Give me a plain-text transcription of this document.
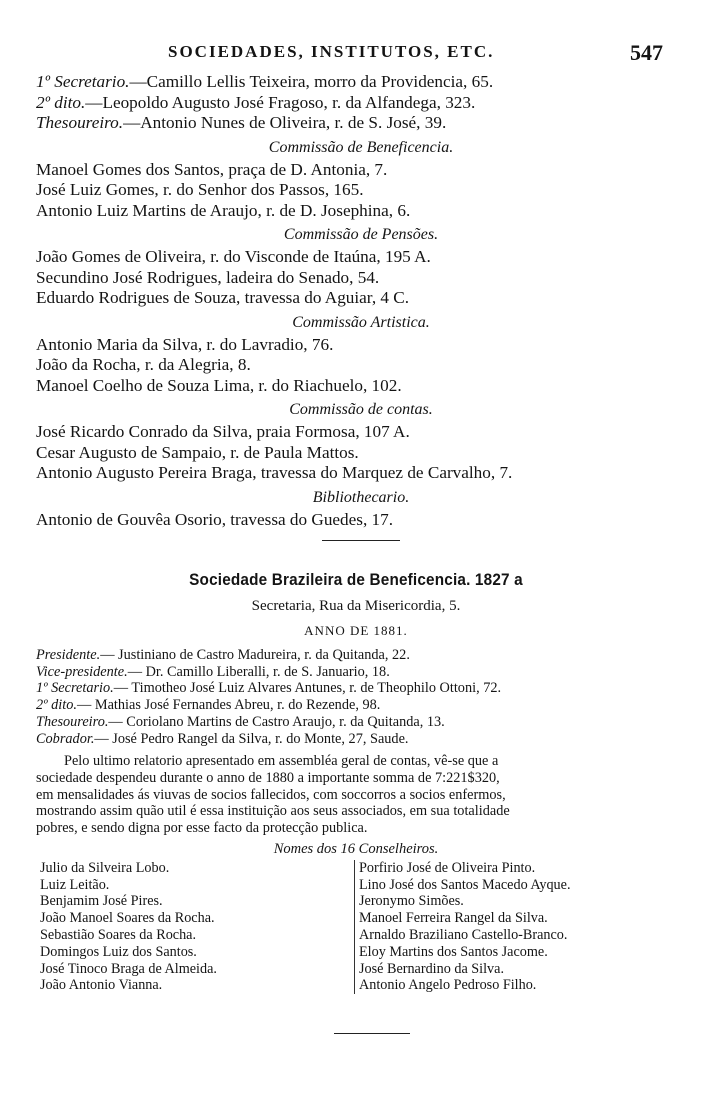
SOCIEDADES, INSTITUTOS, ETC.	547
1º Secretario.—Camillo Lellis Teixeira, morro da Providencia, 65.
2º dito.—Leopoldo Augusto José Fragoso, r. da Alfandega, 323.
Thesoureiro.—Antonio Nunes de Oliveira, r. de S. José, 39.
Commissão de Beneficencia.
Manoel Gomes dos Santos, praça de D. Antonia, 7.
José Luiz Gomes, r. do Senhor dos Passos, 165.
Antonio Luiz Martins de Araujo, r. de D. Josephina, 6.
Commissão de Pensões.
João Gomes de Oliveira, r. do Visconde de Itaúna, 195 A.
Secundino José Rodrigues, ladeira do Senado, 54.
Eduardo Rodrigues de Souza, travessa do Aguiar, 4 C.
Commissão Artistica.
Antonio Maria da Silva, r. do Lavradio, 76.
João da Rocha, r. da Alegria, 8.
Manoel Coelho de Souza Lima, r. do Riachuelo, 102.
Commissão de contas.
José Ricardo Conrado da Silva, praia Formosa, 107 A.
Cesar Augusto de Sampaio, r. de Paula Mattos.
Antonio Augusto Pereira Braga, travessa do Marquez de Carvalho, 7.
Bibliothecario.
Antonio de Gouvêa Osorio, travessa do Guedes, 17.
Sociedade Brazileira de Beneficencia. 1827 a
Secretaria, Rua da Misericordia, 5.
ANNO DE 1881.
Presidente.— Justiniano de Castro Madureira, r. da Quitanda, 22.
Vice-presidente.— Dr. Camillo Liberalli, r. de S. Januario, 18.
1º Secretario.— Timotheo José Luiz Alvares Antunes, r. de Theophilo Ottoni, 72.
2º dito.— Mathias José Fernandes Abreu, r. do Rezende, 98.
Thesoureiro.— Coriolano Martins de Castro Araujo, r. da Quitanda, 13.
Cobrador.— José Pedro Rangel da Silva, r. do Monte, 27, Saude.

Pelo ultimo relatorio apresentado em assembléa geral de contas, vê-se que a

sociedade despendeu durante o anno de 1880 a importante somma de 7:221$320,

em mensalidades ás viuvas de socios fallecidos, com soccorros a socios enfermos,

mostrando assim quão util é essa instituição aos seus associados, em sua totalidade

pobres, e sendo digna por esse facto da protecção publica.

Nomes dos 16 Conselheiros.
Julio da Silveira Lobo.
Luiz Leitão.
Benjamim José Pires.
João Manoel Soares da Rocha.
Sebastião Soares da Rocha.
Domingos Luiz dos Santos.
José Tinoco Braga de Almeida.
João Antonio Vianna.
Porfirio José de Oliveira Pinto.
Lino José dos Santos Macedo Ayque.
Jeronymo Simões.
Manoel Ferreira Rangel da Silva.
Arnaldo Braziliano Castello-Branco.
Eloy Martins dos Santos Jacome.
José Bernardino da Silva.
Antonio Angelo Pedroso Filho.
